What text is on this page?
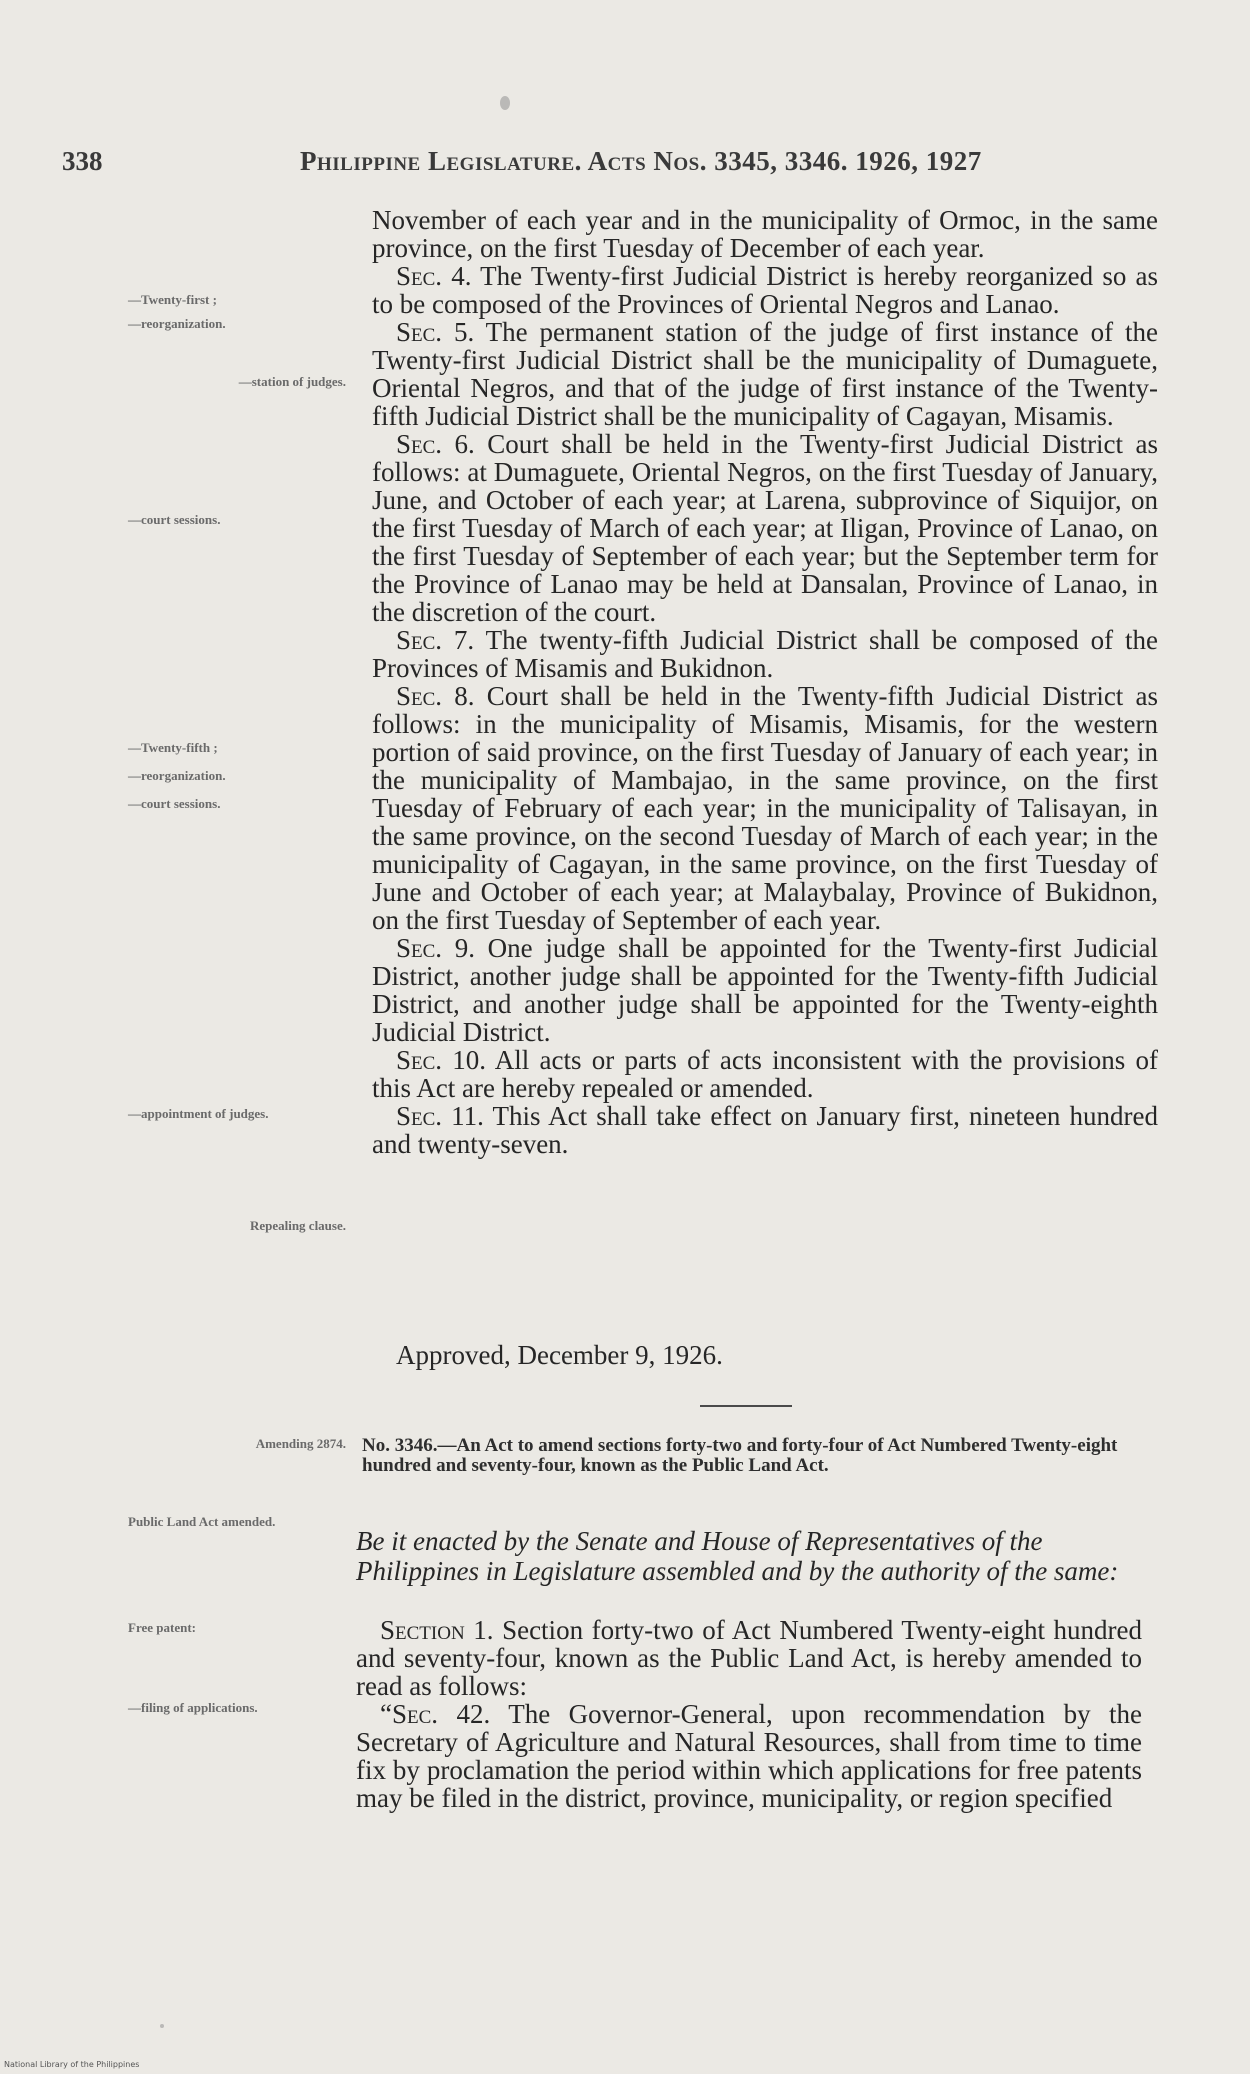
338	Philippine Legislature. Acts Nos. 3345, 3346. 1926, 1927
—Twenty-first ;
—reorganization.
—station of judges.
—court sessions.
—Twenty-fifth ;
—reorganization.
—court sessions.
—appointment of judges.
Repealing clause.
Amending 2874.
Public Land Act amended.
Free patent:
—filing of applications.

November of each year and in the municipality of Ormoc, in the same province, on the first Tuesday of December of each year.

Sec. 4. The Twenty-first Judicial District is hereby reorganized so as to be composed of the Provinces of Oriental Negros and Lanao.

Sec. 5. The permanent station of the judge of first instance of the Twenty-first Judicial District shall be the municipality of Dumaguete, Oriental Negros, and that of the judge of first instance of the Twenty-fifth Judicial District shall be the municipality of Cagayan, Misamis.

Sec. 6. Court shall be held in the Twenty-first Judicial District as follows: at Dumaguete, Oriental Negros, on the first Tuesday of January, June, and October of each year; at Larena, subprovince of Siquijor, on the first Tuesday of March of each year; at Iligan, Province of Lanao, on the first Tuesday of September of each year; but the September term for the Province of Lanao may be held at Dansalan, Province of Lanao, in the discretion of the court.

Sec. 7. The twenty-fifth Judicial District shall be composed of the Provinces of Misamis and Bukidnon.

Sec. 8. Court shall be held in the Twenty-fifth Judicial District as follows: in the municipality of Misamis, Misamis, for the western portion of said province, on the first Tuesday of January of each year; in the municipality of Mambajao, in the same province, on the first Tuesday of February of each year; in the municipality of Talisayan, in the same province, on the second Tuesday of March of each year; in the municipality of Cagayan, in the same province, on the first Tuesday of June and October of each year; at Malaybalay, Province of Bukidnon, on the first Tuesday of September of each year.

Sec. 9. One judge shall be appointed for the Twenty-first Judicial District, another judge shall be appointed for the Twenty-fifth Judicial District, and another judge shall be appointed for the Twenty-eighth Judicial District.

Sec. 10. All acts or parts of acts inconsistent with the provisions of this Act are hereby repealed or amended.

Sec. 11. This Act shall take effect on January first, nineteen hundred and twenty-seven.

Approved, December 9, 1926.
No. 3346.—An Act to amend sections forty-two and forty-four of Act Numbered Twenty-eight hundred and seventy-four, known as the Public Land Act.
Be it enacted by the Senate and House of Representatives of the Philippines in Legislature assembled and by the authority of the same:

Section 1. Section forty-two of Act Numbered Twenty-eight hundred and seventy-four, known as the Public Land Act, is hereby amended to read as follows:

“Sec. 42. The Governor-General, upon recommendation by the Secretary of Agriculture and Natural Resources, shall from time to time fix by proclamation the period within which applications for free patents may be filed in the district, province, municipality, or region specified

National Library of the Philippines
